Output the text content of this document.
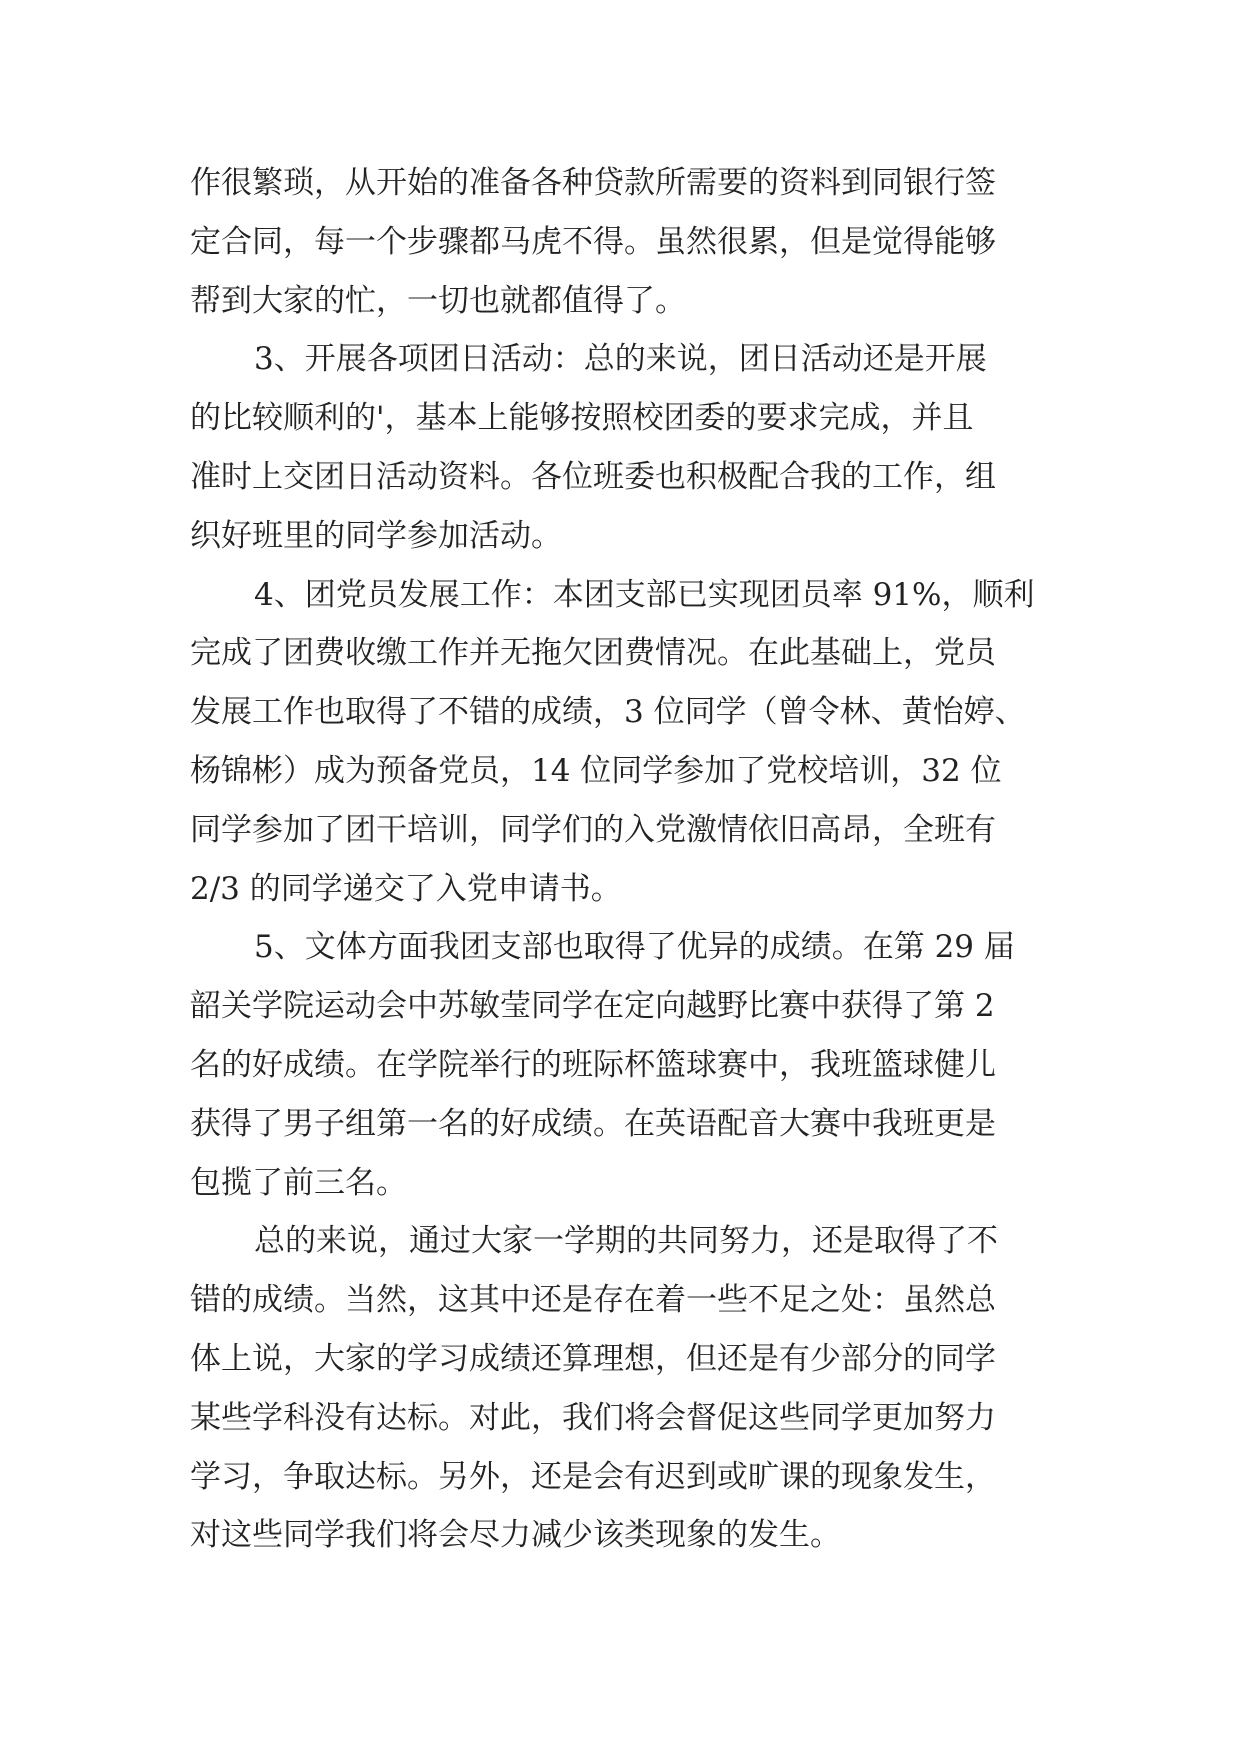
作很繁琐，从开始的准备各种贷款所需要的资料到同银行签
定合同，每一个步骤都马虎不得。虽然很累，但是觉得能够
帮到大家的忙，一切也就都值得了。
3、开展各项团日活动：总的来说，团日活动还是开展
的比较顺利的'，基本上能够按照校团委的要求完成，并且
准时上交团日活动资料。各位班委也积极配合我的工作，组
织好班里的同学参加活动。
4、团党员发展工作：本团支部已实现团员率 91%，顺利
完成了团费收缴工作并无拖欠团费情况。在此基础上，党员
发展工作也取得了不错的成绩，3 位同学（曾令林、黄怡婷、
杨锦彬）成为预备党员，14 位同学参加了党校培训，32 位
同学参加了团干培训，同学们的入党激情依旧高昂，全班有
2/3 的同学递交了入党申请书。
5、文体方面我团支部也取得了优异的成绩。在第 29 届
韶关学院运动会中苏敏莹同学在定向越野比赛中获得了第 2
名的好成绩。在学院举行的班际杯篮球赛中，我班篮球健儿
获得了男子组第一名的好成绩。在英语配音大赛中我班更是
包揽了前三名。
总的来说，通过大家一学期的共同努力，还是取得了不
错的成绩。当然，这其中还是存在着一些不足之处：虽然总
体上说，大家的学习成绩还算理想，但还是有少部分的同学
某些学科没有达标。对此，我们将会督促这些同学更加努力
学习，争取达标。另外，还是会有迟到或旷课的现象发生，
对这些同学我们将会尽力减少该类现象的发生。
